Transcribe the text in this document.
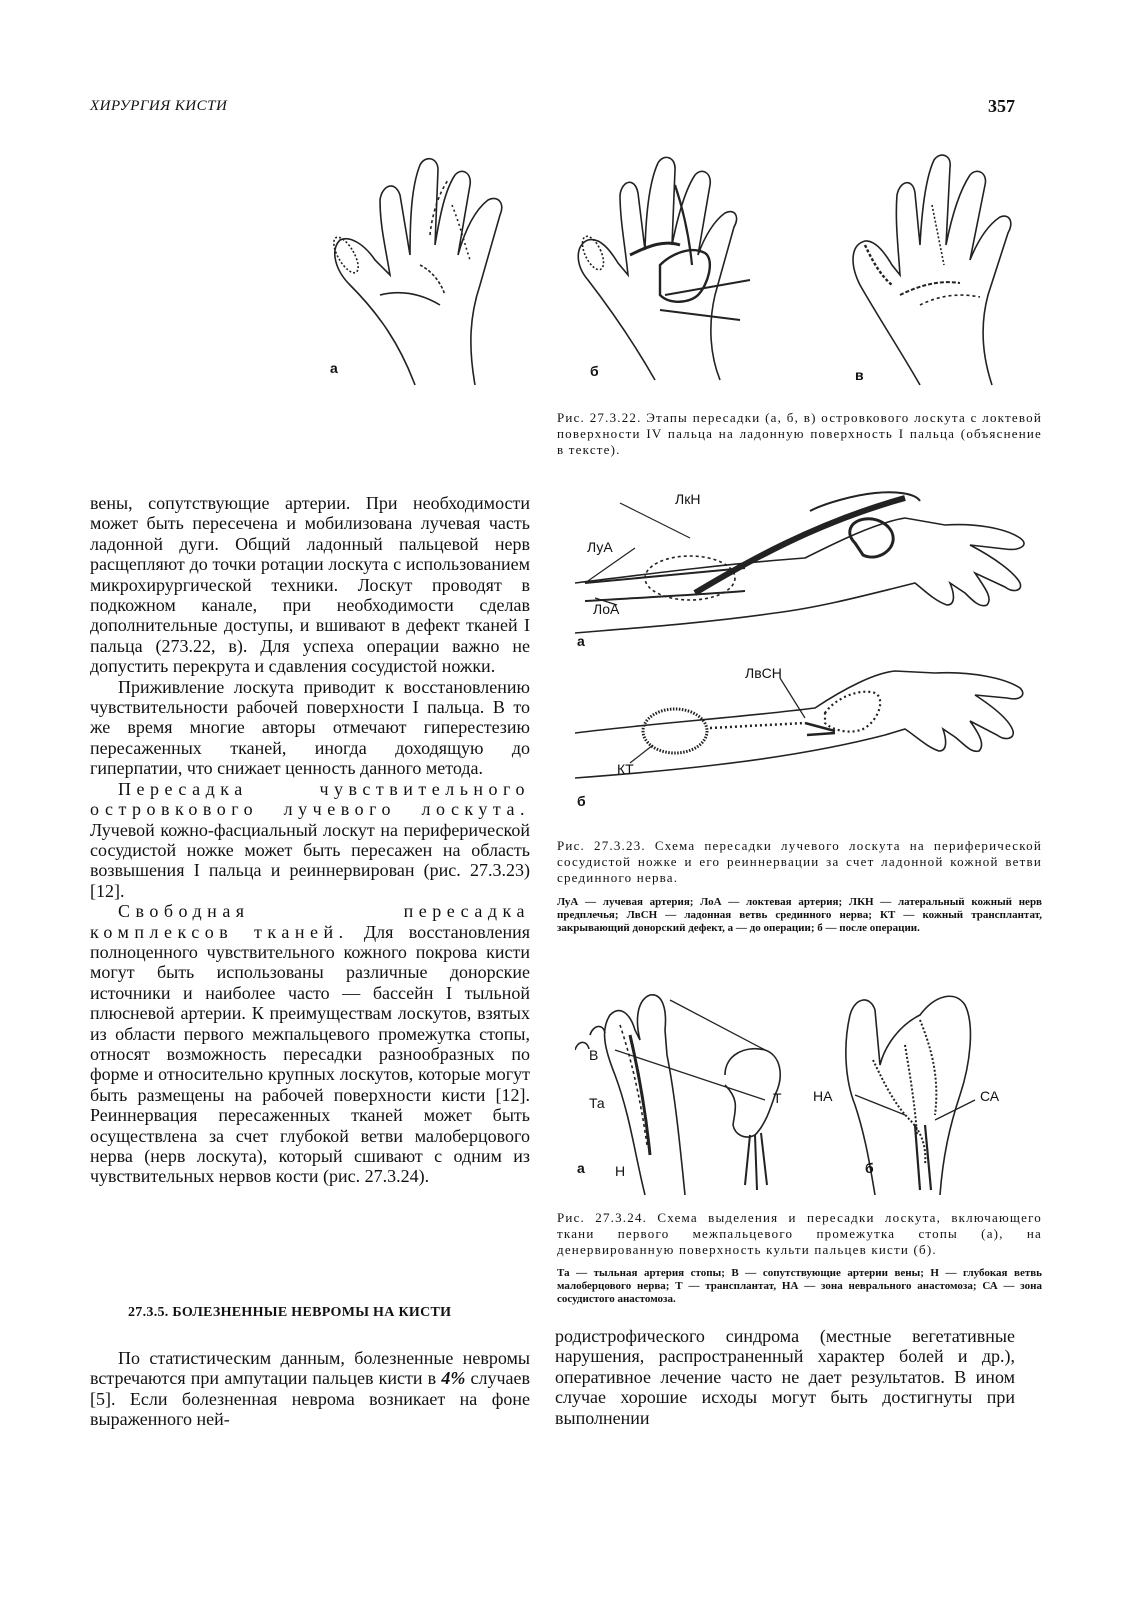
ХИРУРГИЯ КИСТИ	357
а	б	в
Рис. 27.3.22. Этапы пересадки (а, б, в) островкового лоскута с локтевой поверхности IV пальца на ладонную поверхность I пальца (объяснение в тексте).
ЛкН
ЛуА
ЛоА
а
ЛвСН
КТ
б
Рис. 27.3.23. Схема пересадки лучевого лоскута на периферической сосудистой ножке и его реиннервации за счет ладонной кожной ветви срединного нерва.
ЛуА — лучевая артерия; ЛоА — локтевая артерия; ЛКН — латеральный кожный нерв предплечья; ЛвСН — ладонная ветвь срединного нерва; КТ — кожный трансплантат, закрывающий донорский дефект, а — до операции; б — после операции.
В
Та	Т
а Н
НА	СА
б
Рис. 27.3.24. Схема выделения и пересадки лоскута, включающего ткани первого межпальцевого промежутка стопы (а), на денервированную поверхность культи пальцев кисти (б).
Та — тыльная артерия стопы; В — сопутствующие артерии вены; Н — глубокая ветвь малоберцового нерва; Т — трансплантат, НА — зона неврального анастомоза; СА — зона сосудистого анастомоза.

вены, сопутствующие артерии. При необходимости может быть пересечена и мобилизована лучевая часть ладонной дуги. Общий ладонный пальцевой нерв расщепляют до точки ротации лоскута с использованием микрохирургической техники. Лоскут проводят в подкожном канале, при необходимости сделав дополнительные доступы, и вшивают в дефект тканей I пальца (273.22, в). Для успеха операции важно не допустить перекрута и сдавления сосудистой ножки.

Приживление лоскута приводит к восстановлению чувствительности рабочей поверхности I пальца. В то же время многие авторы отмечают гиперестезию пересаженных тканей, иногда доходящую до гиперпатии, что снижает ценность данного метода.

Пересадка чувствительного островкового лучевого лоскута. Лучевой кожно-фасциальный лоскут на периферической сосудистой ножке может быть пересажен на область возвышения I пальца и реиннервирован (рис. 27.3.23) [12].

Свободная пересадка комплексов тканей. Для восстановления полноценного чувствительного кожного покрова кисти могут быть использованы различные донорские источники и наиболее часто — бассейн I тыльной плюсневой артерии. К преимуществам лоскутов, взятых из области первого межпальцевого промежутка стопы, относят возможность пересадки разнообразных по форме и относительно крупных лоскутов, которые могут быть размещены на рабочей поверхности кисти [12]. Реиннервация пересаженных тканей может быть осуществлена за счет глубокой ветви малоберцового нерва (нерв лоскута), который сшивают с одним из чувствительных нервов кости (рис. 27.3.24).

27.3.5. БОЛЕЗНЕННЫЕ НЕВРОМЫ НА КИСТИ

По статистическим данным, болезненные невромы встречаются при ампутации пальцев кисти в 4% случаев [5]. Если болезненная неврома возникает на фоне выраженного ней-

родистрофического синдрома (местные вегетативные нарушения, распространенный характер болей и др.), оперативное лечение часто не дает результатов. В ином случае хорошие исходы могут быть достигнуты при выполнении
